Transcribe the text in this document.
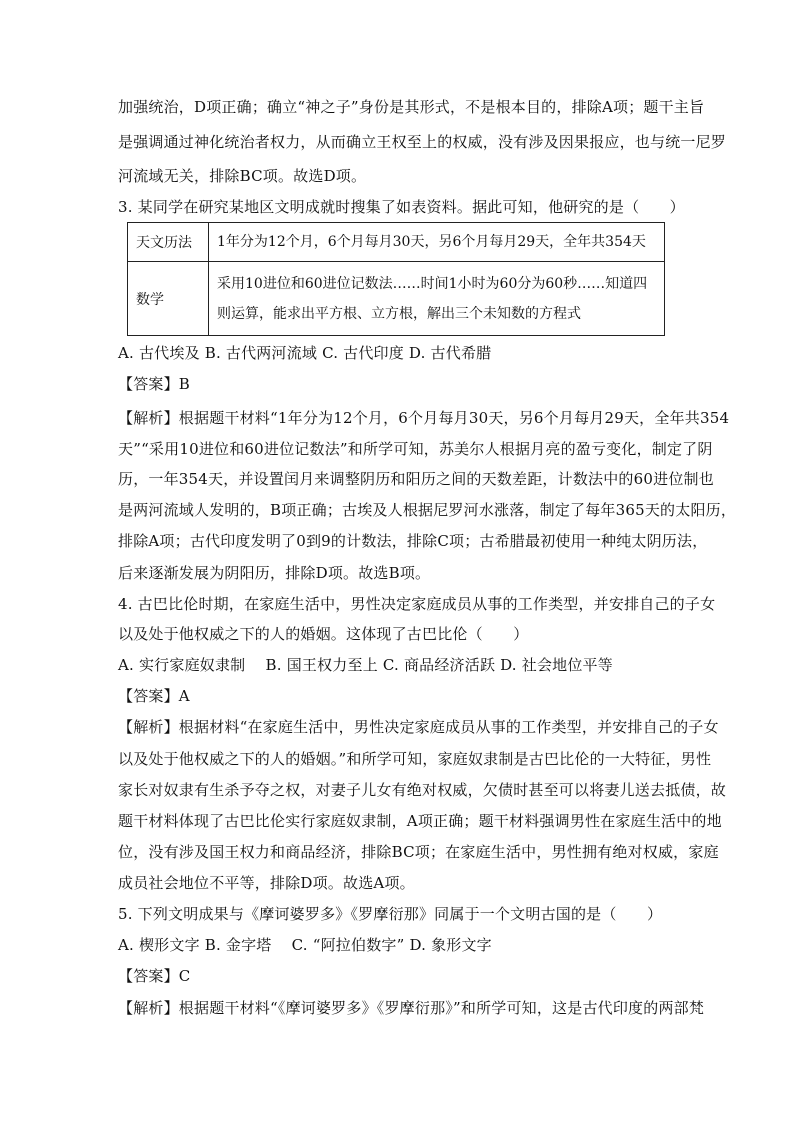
加强统治，D项正确；确立“神之子”身份是其形式，不是根本目的，排除A项；题干主旨
是强调通过神化统治者权力，从而确立王权至上的权威，没有涉及因果报应，也与统一尼罗
河流域无关，排除BC项。故选D项。
3. 某同学在研究某地区文明成就时搜集了如表资料。据此可知，他研究的是（　　）
天文历法	1年分为12个月，6个月每月30天，另6个月每月29天，全年共354天

数学	采用10进位和60进位记数法……时间1小时为60分为60秒……知道四
则运算，能求出平方根、立方根，解出三个未知数的方程式
A. 古代埃及 B. 古代两河流域 C. 古代印度 D. 古代希腊
【答案】B
【解析】根据题干材料“1年分为12个月，6个月每月30天，另6个月每月29天，全年共354
天”“采用10进位和60进位记数法”和所学可知，苏美尔人根据月亮的盈亏变化，制定了阴
历，一年354天，并设置闰月来调整阴历和阳历之间的天数差距，计数法中的60进位制也
是两河流域人发明的，B项正确；古埃及人根据尼罗河水涨落，制定了每年365天的太阳历，
排除A项；古代印度发明了0到9的计数法，排除C项；古希腊最初使用一种纯太阴历法，
后来逐渐发展为阴阳历，排除D项。故选B项。
4. 古巴比伦时期，在家庭生活中，男性决定家庭成员从事的工作类型，并安排自己的子女
以及处于他权威之下的人的婚姻。这体现了古巴比伦（　　）
A. 实行家庭奴隶制　 B. 国王权力至上 C. 商品经济活跃 D. 社会地位平等
【答案】A
【解析】根据材料“在家庭生活中，男性决定家庭成员从事的工作类型，并安排自己的子女
以及处于他权威之下的人的婚姻。”和所学可知，家庭奴隶制是古巴比伦的一大特征，男性
家长对奴隶有生杀予夺之权，对妻子儿女有绝对权威，欠债时甚至可以将妻儿送去抵债，故
题干材料体现了古巴比伦实行家庭奴隶制，A项正确；题干材料强调男性在家庭生活中的地
位，没有涉及国王权力和商品经济，排除BC项；在家庭生活中，男性拥有绝对权威，家庭
成员社会地位不平等，排除D项。故选A项。
5. 下列文明成果与《摩诃婆罗多》《罗摩衍那》同属于一个文明古国的是（　　）
A. 楔形文字 B. 金字塔　 C. “阿拉伯数字” D. 象形文字
【答案】C
【解析】根据题干材料“《摩诃婆罗多》《罗摩衍那》”和所学可知，这是古代印度的两部梵
